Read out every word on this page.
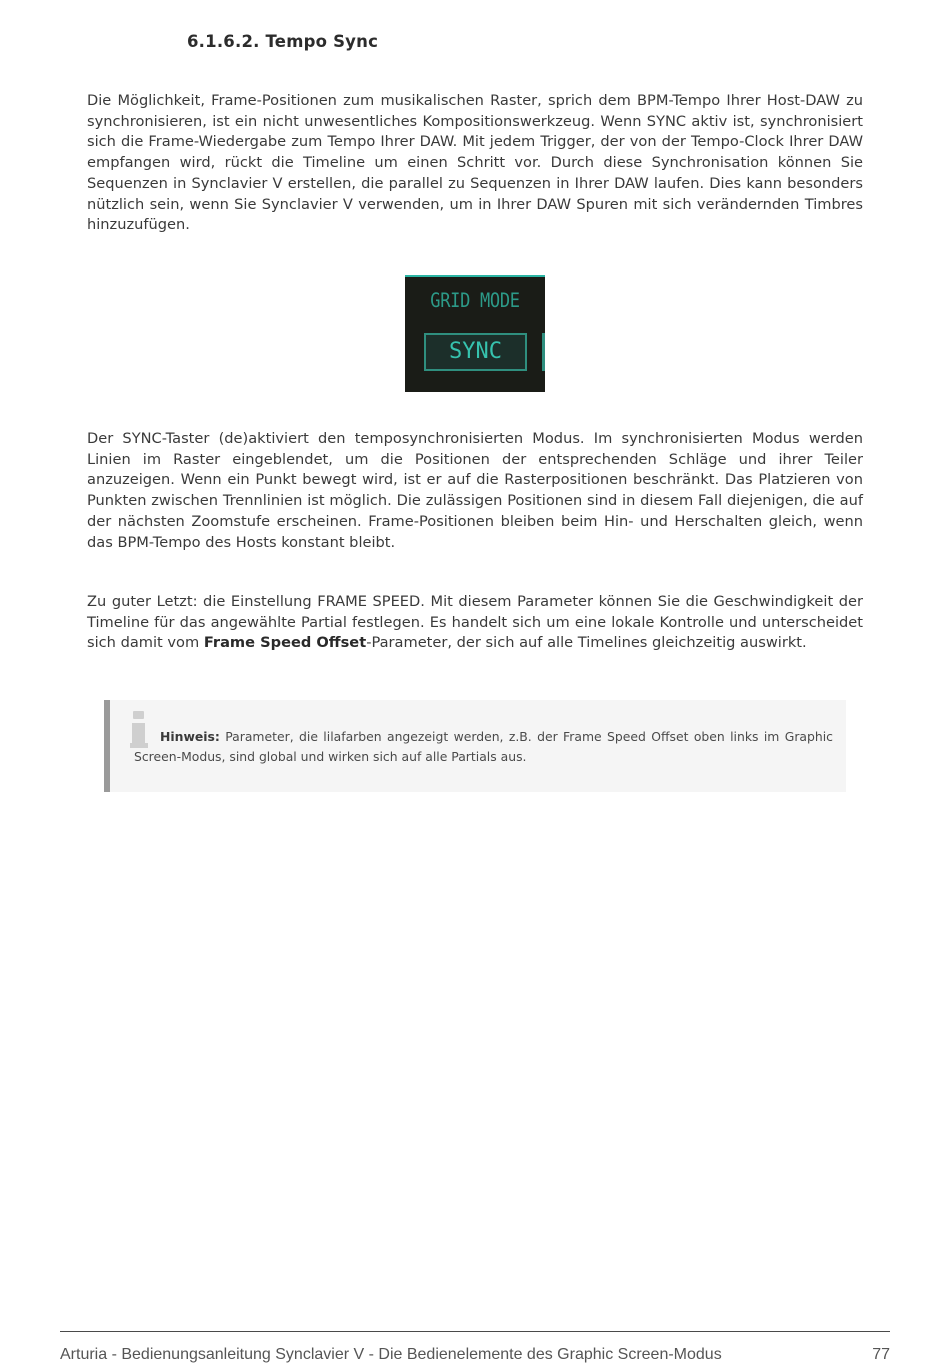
6.1.6.2. Tempo Sync

Die Möglichkeit, Frame-Positionen zum musikalischen Raster, sprich dem BPM-Tempo Ihrer Host-DAW zu synchronisieren, ist ein nicht unwesentliches Kompositionswerkzeug. Wenn SYNC aktiv ist, synchronisiert sich die Frame-Wiedergabe zum Tempo Ihrer DAW. Mit jedem Trigger, der von der Tempo-Clock Ihrer DAW empfangen wird, rückt die Timeline um einen Schritt vor. Durch diese Synchronisation können Sie Sequenzen in Synclavier V erstellen, die parallel zu Sequenzen in Ihrer DAW laufen. Dies kann besonders nützlich sein, wenn Sie Synclavier V verwenden, um in Ihrer DAW Spuren mit sich verändernden Timbres hinzuzufügen.

GRID MODE
SYNC

Der SYNC-Taster (de)aktiviert den temposynchronisierten Modus. Im synchronisierten Modus werden Linien im Raster eingeblendet, um die Positionen der entsprechenden Schläge und ihrer Teiler anzuzeigen. Wenn ein Punkt bewegt wird, ist er auf die Rasterpositionen beschränkt. Das Platzieren von Punkten zwischen Trennlinien ist möglich. Die zulässigen Positionen sind in diesem Fall diejenigen, die auf der nächsten Zoomstufe erscheinen. Frame-Positionen bleiben beim Hin- und Herschalten gleich, wenn das BPM-Tempo des Hosts konstant bleibt.

Zu guter Letzt: die Einstellung FRAME SPEED. Mit diesem Parameter können Sie die Geschwindigkeit der Timeline für das angewählte Partial festlegen. Es handelt sich um eine lokale Kontrolle und unterscheidet sich damit vom Frame Speed Offset-Parameter, der sich auf alle Timelines gleichzeitig auswirkt.

Hinweis: Parameter, die lilafarben angezeigt werden, z.B. der Frame Speed Offset oben links im Graphic Screen-Modus, sind global und wirken sich auf alle Partials aus.

Arturia - Bedienungsanleitung Synclavier V - Die Bedienelemente des Graphic Screen-Modus	77
